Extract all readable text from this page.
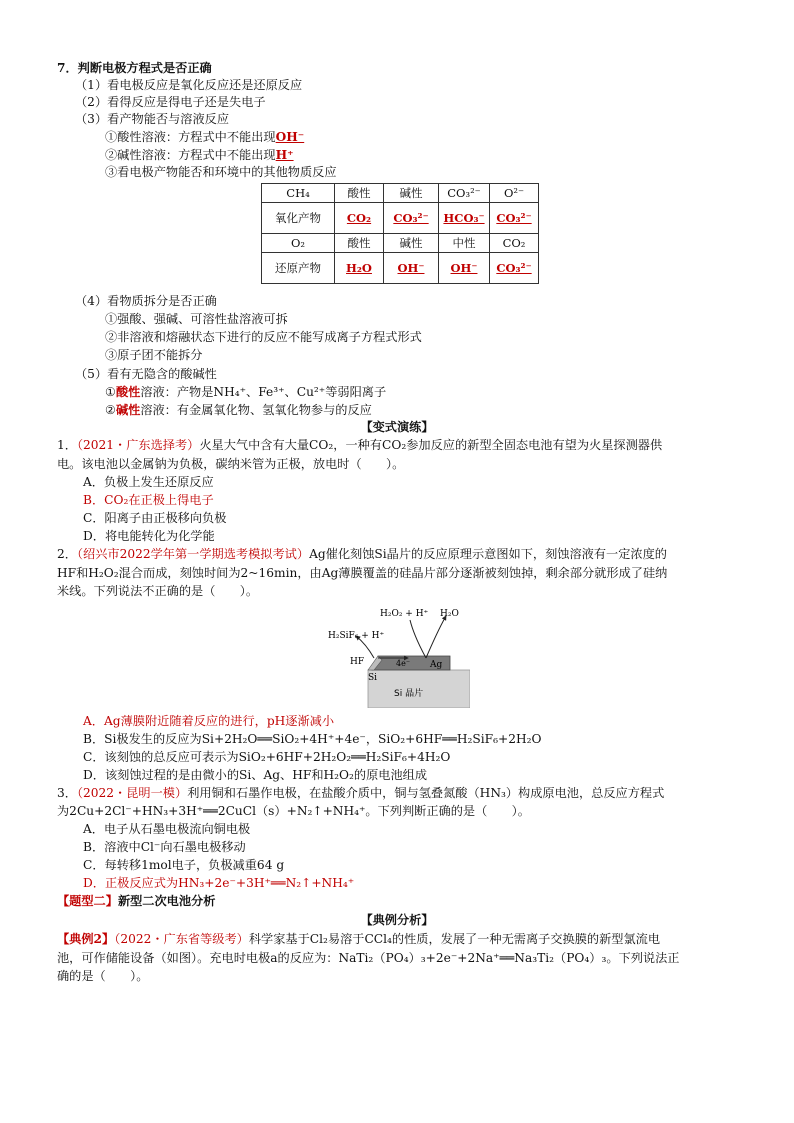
7．判断电极方程式是否正确
（1）看电极反应是氧化反应还是还原反应
（2）看得反应是得电子还是失电子
（3）看产物能否与溶液反应
①酸性溶液：方程式中不能出现OH⁻
②碱性溶液：方程式中不能出现H⁺
③看电极产物能否和环境中的其他物质反应
CH₄	酸性	碱性	CO₃²⁻	O²⁻
氧化产物	CO₂	CO₃²⁻	HCO₃⁻	CO₃²⁻
O₂	酸性	碱性	中性	CO₂
还原产物	H₂O	OH⁻	OH⁻	CO₃²⁻
（4）看物质拆分是否正确
①强酸、强碱、可溶性盐溶液可拆
②非溶液和熔融状态下进行的反应不能写成离子方程式形式
③原子团不能拆分
（5）看有无隐含的酸碱性
①酸性溶液：产物是NH₄⁺、Fe³⁺、Cu²⁺等弱阳离子
②碱性溶液：有金属氧化物、氢氧化物参与的反应
【变式演练】
1．（2021・广东选择考）火星大气中含有大量CO₂，一种有CO₂参加反应的新型全固态电池有望为火星探测器供
电。该电池以金属钠为负极，碳纳米管为正极，放电时（　　）。
A．负极上发生还原反应
B．CO₂在正极上得电子
C．阳离子由正极移向负极
D．将电能转化为化学能
2．（绍兴市2022学年第一学期选考模拟考试）Ag催化刻蚀Si晶片的反应原理示意图如下，刻蚀溶液有一定浓度的
HF和H₂O₂混合而成，刻蚀时间为2~16min，由Ag薄膜覆盖的硅晶片部分逐渐被刻蚀掉，剩余部分就形成了硅纳
米线。下列说法不正确的是（　　）。
H₂O₂ + H⁺ H₂O
H₂SiF₆ + H⁺
HF	4e⁻ Ag
Si
Si 晶片
A．Ag薄膜附近随着反应的进行，pH逐渐减小
B．Si极发生的反应为Si+2H₂O══SiO₂+4H⁺+4e⁻，SiO₂+6HF══H₂SiF₆+2H₂O
C．该刻蚀的总反应可表示为SiO₂+6HF+2H₂O₂══H₂SiF₆+4H₂O
D．该刻蚀过程的是由微小的Si、Ag、HF和H₂O₂的原电池组成
3．（2022・昆明一模）利用铜和石墨作电极，在盐酸介质中，铜与氢叠氮酸（HN₃）构成原电池，总反应方程式
为2Cu+2Cl⁻+HN₃+3H⁺══2CuCl（s）+N₂↑+NH₄⁺。下列判断正确的是（　　）。
A．电子从石墨电极流向铜电极
B．溶液中Cl⁻向石墨电极移动
C．每转移1mol电子，负极减重64 g
D．正极反应式为HN₃+2e⁻+3H⁺══N₂↑+NH₄⁺
【题型二】新型二次电池分析
【典例分析】
【典例2】（2022・广东省等级考）科学家基于Cl₂易溶于CCl₄的性质，发展了一种无需离子交换膜的新型氯流电
池，可作储能设备（如图）。充电时电极a的反应为：NaTi₂（PO₄）₃+2e⁻+2Na⁺══Na₃Ti₂（PO₄）₃。下列说法正
确的是（　　）。
